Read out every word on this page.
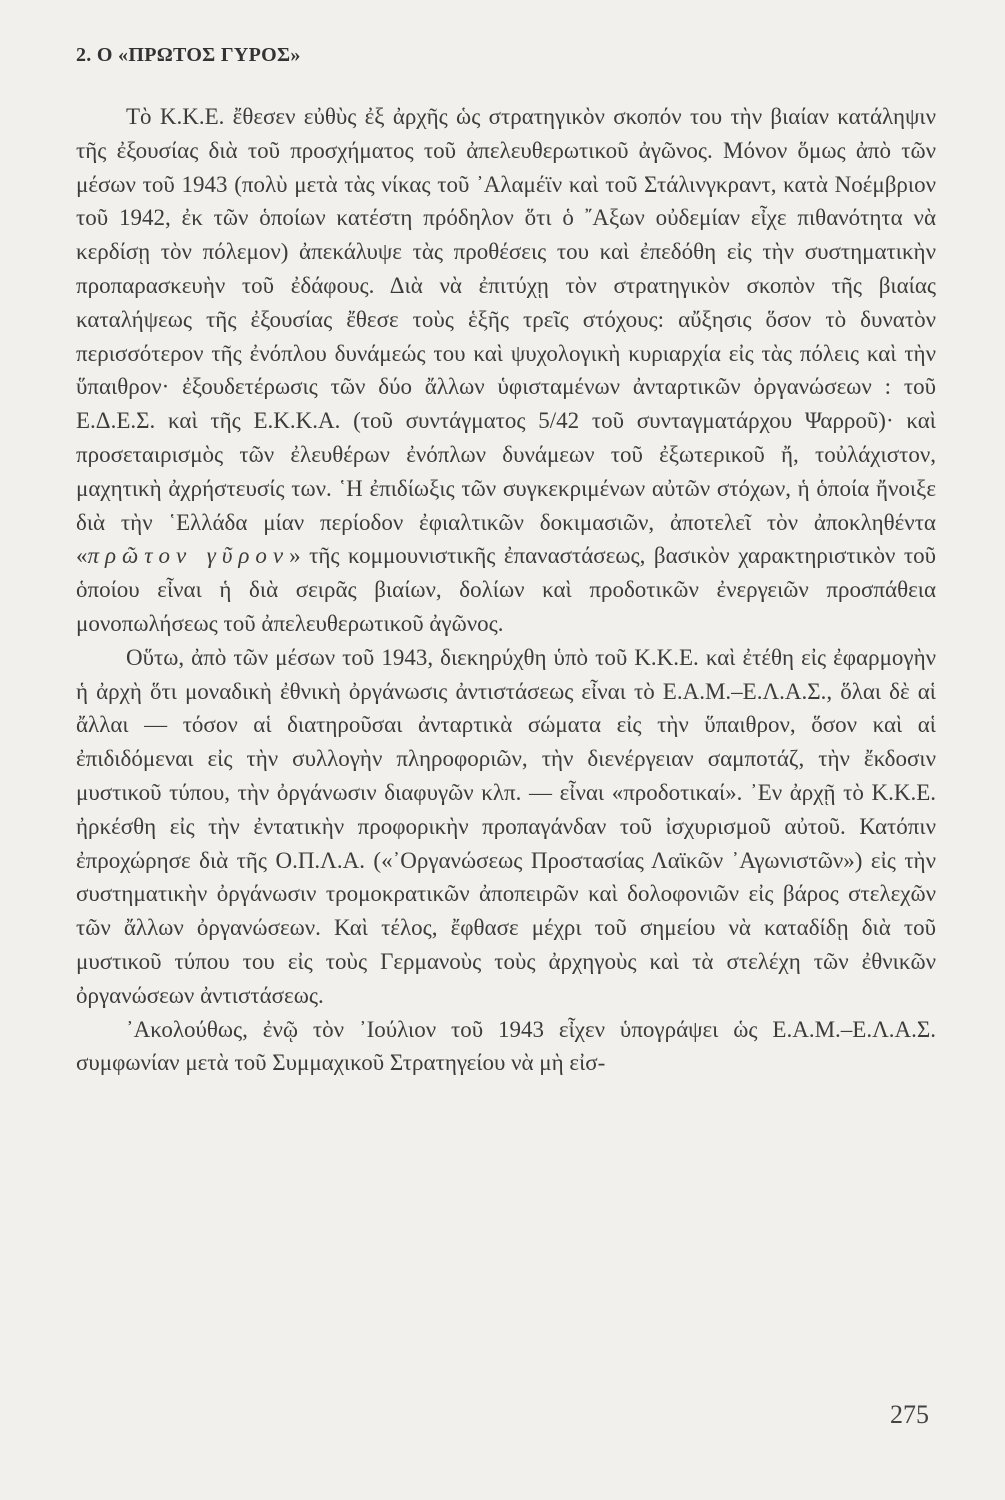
2. Ο «ΠΡΩΤΟΣ ΓΥΡΟΣ»

Τὸ Κ.Κ.Ε. ἔθεσεν εὐθὺς ἐξ ἀρχῆς ὡς στρατηγικὸν σκοπόν του τὴν βιαίαν κατάληψιν τῆς ἐξουσίας διὰ τοῦ προσχήματος τοῦ ἀπελευθερωτικοῦ ἀγῶνος. Μόνον ὅμως ἀπὸ τῶν μέσων τοῦ 1943 (πολὺ μετὰ τὰς νίκας τοῦ ᾿Αλαμέϊν καὶ τοῦ Στάλινγκραντ, κατὰ Νοέμβριον τοῦ 1942, ἐκ τῶν ὁποίων κατέστη πρόδηλον ὅτι ὁ ῎Αξων οὐδεμίαν εἶχε πιθανότητα νὰ κερδίσῃ τὸν πόλεμον) ἀπεκάλυψε τὰς προθέσεις του καὶ ἐπεδόθη εἰς τὴν συστηματικὴν προπαρασκευὴν τοῦ ἐδάφους. Διὰ νὰ ἐπιτύχῃ τὸν στρατηγικὸν σκοπὸν τῆς βιαίας καταλήψεως τῆς ἐξουσίας ἔθεσε τοὺς ἑξῆς τρεῖς στόχους: αὔξησις ὅσον τὸ δυνατὸν περισσότερον τῆς ἐνόπλου δυνάμεώς του καὶ ψυχολογικὴ κυριαρχία εἰς τὰς πόλεις καὶ τὴν ὕπαιθρον· ἐξουδετέρωσις τῶν δύο ἄλλων ὑφισταμένων ἀνταρτικῶν ὀργανώσεων : τοῦ Ε.Δ.Ε.Σ. καὶ τῆς Ε.Κ.Κ.Α. (τοῦ συντάγματος 5/42 τοῦ συνταγματάρχου Ψαρροῦ)· καὶ προσεταιρισμὸς τῶν ἐλευθέρων ἐνόπλων δυνάμεων τοῦ ἐξωτερικοῦ ἤ, τοὐλάχιστον, μαχητικὴ ἀχρήστευσίς των. ῾Η ἐπιδίωξις τῶν συγκεκριμένων αὐτῶν στόχων, ἡ ὁποία ἤνοιξε διὰ τὴν ῾Ελλάδα μίαν περίοδον ἐφιαλτικῶν δοκιμασιῶν, ἀποτελεῖ τὸν ἀποκληθέντα «πρῶτον γῦρον» τῆς κομμουνιστικῆς ἐπαναστάσεως, βασικὸν χαρακτηριστικὸν τοῦ ὁποίου εἶναι ἡ διὰ σειρᾶς βιαίων, δολίων καὶ προδοτικῶν ἐνεργειῶν προσπάθεια μονοπωλήσεως τοῦ ἀπελευθερωτικοῦ ἀγῶνος.

Οὕτω, ἀπὸ τῶν μέσων τοῦ 1943, διεκηρύχθη ὑπὸ τοῦ Κ.Κ.Ε. καὶ ἐτέθη εἰς ἐφαρμογὴν ἡ ἀρχὴ ὅτι μοναδικὴ ἐθνικὴ ὀργάνωσις ἀντιστάσεως εἶναι τὸ Ε.Α.Μ.–Ε.Λ.Α.Σ., ὅλαι δὲ αἱ ἄλλαι — τόσον αἱ διατηροῦσαι ἀνταρτικὰ σώματα εἰς τὴν ὕπαιθρον, ὅσον καὶ αἱ ἐπιδιδόμεναι εἰς τὴν συλλογὴν πληροφοριῶν, τὴν διενέργειαν σαμποτάζ, τὴν ἔκδοσιν μυστικοῦ τύπου, τὴν ὀργάνωσιν διαφυγῶν κλπ. — εἶναι «προδοτικαί». ᾿Εν ἀρχῇ τὸ Κ.Κ.Ε. ἠρκέσθη εἰς τὴν ἐντατικὴν προφορικὴν προπαγάνδαν τοῦ ἰσχυρισμοῦ αὐτοῦ. Κατόπιν ἐπροχώρησε διὰ τῆς Ο.Π.Λ.Α. («᾿Οργανώσεως Προστασίας Λαϊκῶν ᾿Αγωνιστῶν») εἰς τὴν συστηματικὴν ὀργάνωσιν τρομοκρατικῶν ἀποπειρῶν καὶ δολοφονιῶν εἰς βάρος στελεχῶν τῶν ἄλλων ὀργανώσεων. Καὶ τέλος, ἔφθασε μέχρι τοῦ σημείου νὰ καταδίδῃ διὰ τοῦ μυστικοῦ τύπου του εἰς τοὺς Γερμανοὺς τοὺς ἀρχηγοὺς καὶ τὰ στελέχη τῶν ἐθνικῶν ὀργανώσεων ἀντιστάσεως.

᾿Ακολούθως, ἐνῷ τὸν ᾿Ιούλιον τοῦ 1943 εἶχεν ὑπογράψει ὡς Ε.Α.Μ.–Ε.Λ.Α.Σ. συμφωνίαν μετὰ τοῦ Συμμαχικοῦ Στρατηγείου νὰ μὴ εἰσ-

275
